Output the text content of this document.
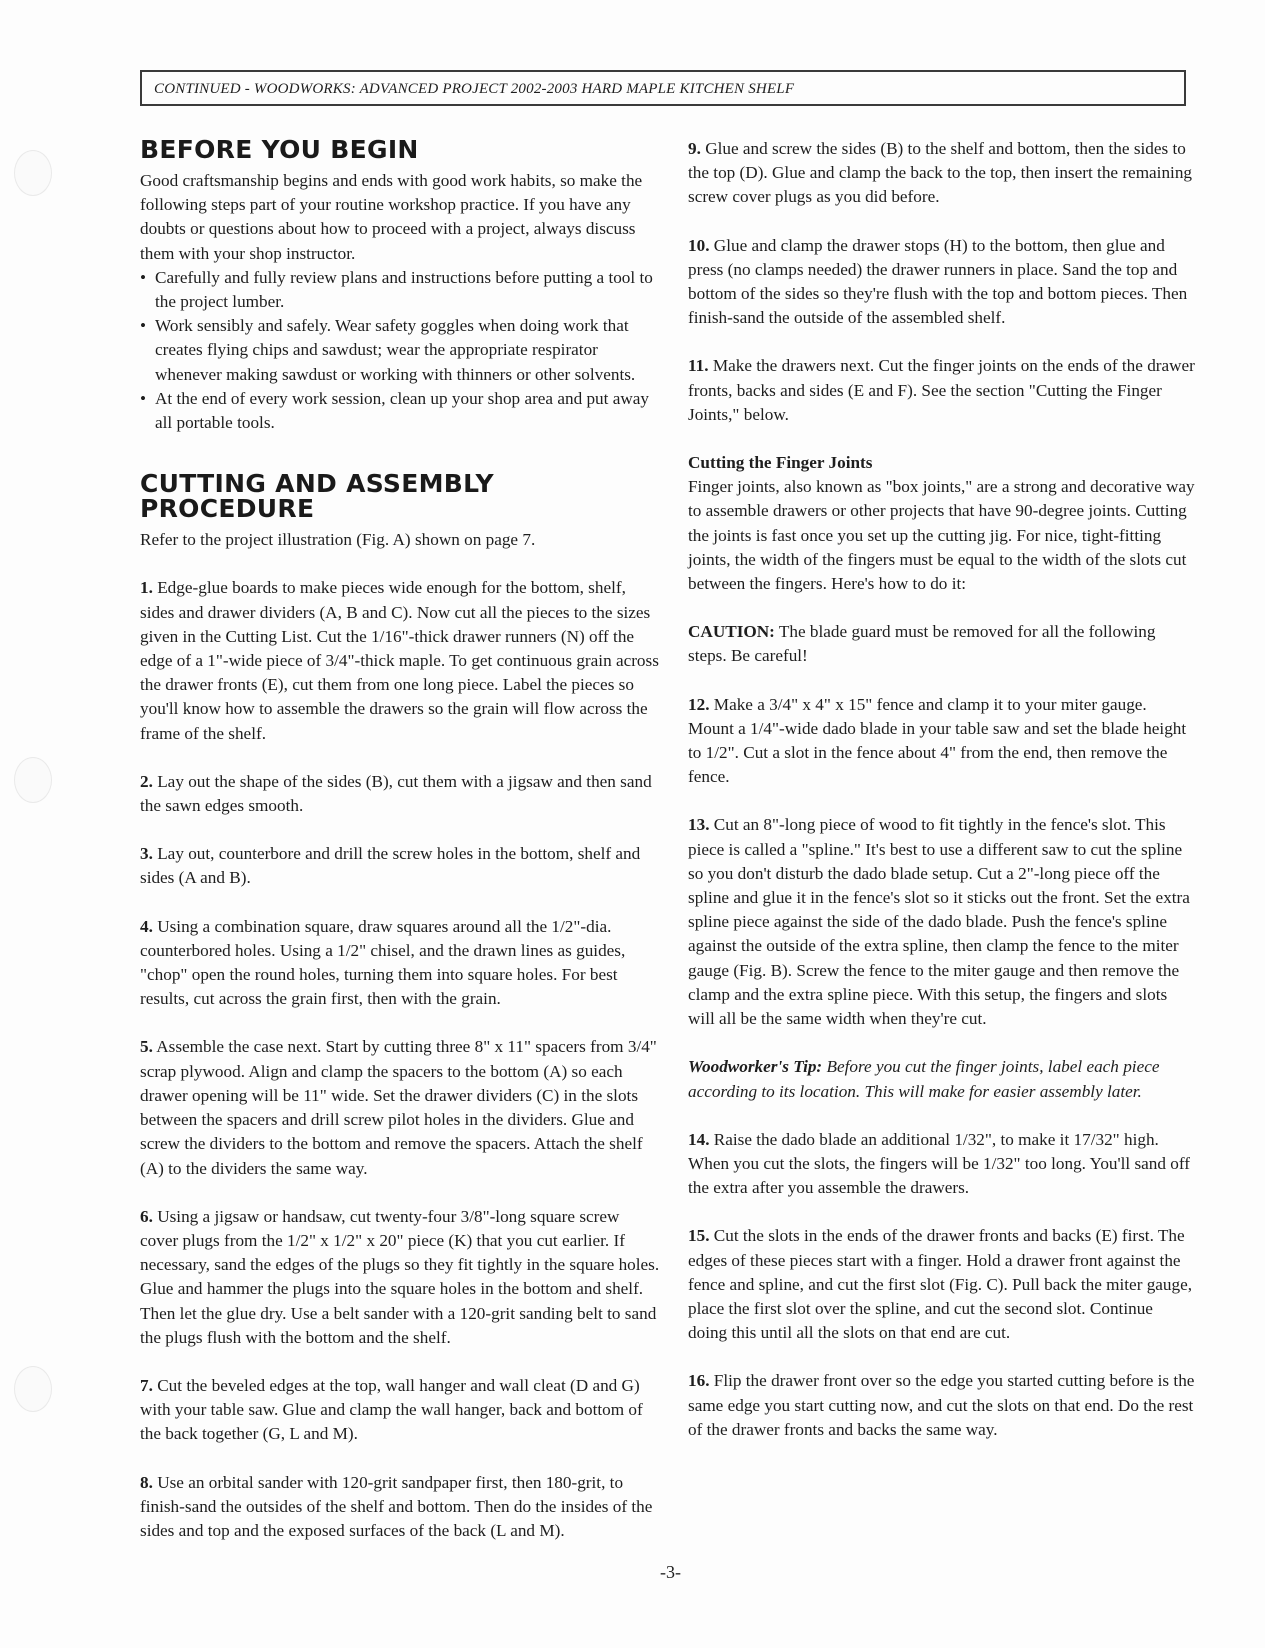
CONTINUED - WOODWORKS: ADVANCED PROJECT 2002-2003 HARD MAPLE KITCHEN SHELF
BEFORE YOU BEGIN

Good craftsmanship begins and ends with good work habits, so make the following steps part of your routine workshop practice. If you have any doubts or questions about how to proceed with a project, always discuss them with your shop instructor.

• Carefully and fully review plans and instructions before putting a tool to the project lumber.

• Work sensibly and safely. Wear safety goggles when doing work that creates flying chips and sawdust; wear the appropriate respirator whenever making sawdust or working with thinners or other solvents.

• At the end of every work session, clean up your shop area and put away all portable tools.

CUTTING AND ASSEMBLY
PROCEDURE

Refer to the project illustration (Fig. A) shown on page 7.

1. Edge-glue boards to make pieces wide enough for the bottom, shelf, sides and drawer dividers (A, B and C). Now cut all the pieces to the sizes given in the Cutting List. Cut the 1/16"-thick drawer runners (N) off the edge of a 1"-wide piece of 3/4"-thick maple. To get continuous grain across the drawer fronts (E), cut them from one long piece. Label the pieces so you'll know how to assemble the drawers so the grain will flow across the frame of the shelf.

2. Lay out the shape of the sides (B), cut them with a jigsaw and then sand the sawn edges smooth.

3. Lay out, counterbore and drill the screw holes in the bottom, shelf and sides (A and B).

4. Using a combination square, draw squares around all the 1/2"-dia. counterbored holes. Using a 1/2" chisel, and the drawn lines as guides, "chop" open the round holes, turning them into square holes. For best results, cut across the grain first, then with the grain.

5. Assemble the case next. Start by cutting three 8" x 11" spacers from 3/4" scrap plywood. Align and clamp the spacers to the bottom (A) so each drawer opening will be 11" wide. Set the drawer dividers (C) in the slots between the spacers and drill screw pilot holes in the dividers. Glue and screw the dividers to the bottom and remove the spacers. Attach the shelf (A) to the dividers the same way.

6. Using a jigsaw or handsaw, cut twenty-four 3/8"-long square screw cover plugs from the 1/2" x 1/2" x 20" piece (K) that you cut earlier. If necessary, sand the edges of the plugs so they fit tightly in the square holes. Glue and hammer the plugs into the square holes in the bottom and shelf. Then let the glue dry. Use a belt sander with a 120-grit sanding belt to sand the plugs flush with the bottom and the shelf.

7. Cut the beveled edges at the top, wall hanger and wall cleat (D and G) with your table saw. Glue and clamp the wall hanger, back and bottom of the back together (G, L and M).

8. Use an orbital sander with 120-grit sandpaper first, then 180-grit, to finish-sand the outsides of the shelf and bottom. Then do the insides of the sides and top and the exposed surfaces of the back (L and M).

9. Glue and screw the sides (B) to the shelf and bottom, then the sides to the top (D). Glue and clamp the back to the top, then insert the remaining screw cover plugs as you did before.

10. Glue and clamp the drawer stops (H) to the bottom, then glue and press (no clamps needed) the drawer runners in place. Sand the top and bottom of the sides so they're flush with the top and bottom pieces. Then finish-sand the outside of the assembled shelf.

11. Make the drawers next. Cut the finger joints on the ends of the drawer fronts, backs and sides (E and F). See the section "Cutting the Finger Joints," below.

Cutting the Finger Joints

Finger joints, also known as "box joints," are a strong and decorative way to assemble drawers or other projects that have 90-degree joints. Cutting the joints is fast once you set up the cutting jig. For nice, tight-fitting joints, the width of the fingers must be equal to the width of the slots cut between the fingers. Here's how to do it:

CAUTION: The blade guard must be removed for all the following steps. Be careful!

12. Make a 3/4" x 4" x 15" fence and clamp it to your miter gauge. Mount a 1/4"-wide dado blade in your table saw and set the blade height to 1/2". Cut a slot in the fence about 4" from the end, then remove the fence.

13. Cut an 8"-long piece of wood to fit tightly in the fence's slot. This piece is called a "spline." It's best to use a different saw to cut the spline so you don't disturb the dado blade setup. Cut a 2"-long piece off the spline and glue it in the fence's slot so it sticks out the front. Set the extra spline piece against the side of the dado blade. Push the fence's spline against the outside of the extra spline, then clamp the fence to the miter gauge (Fig. B). Screw the fence to the miter gauge and then remove the clamp and the extra spline piece. With this setup, the fingers and slots will all be the same width when they're cut.

Woodworker's Tip: Before you cut the finger joints, label each piece according to its location. This will make for easier assembly later.

14. Raise the dado blade an additional 1/32", to make it 17/32" high. When you cut the slots, the fingers will be 1/32" too long. You'll sand off the extra after you assemble the drawers.

15. Cut the slots in the ends of the drawer fronts and backs (E) first. The edges of these pieces start with a finger. Hold a drawer front against the fence and spline, and cut the first slot (Fig. C). Pull back the miter gauge, place the first slot over the spline, and cut the second slot. Continue doing this until all the slots on that end are cut.

16. Flip the drawer front over so the edge you started cutting before is the same edge you start cutting now, and cut the slots on that end. Do the rest of the drawer fronts and backs the same way.

-3-
